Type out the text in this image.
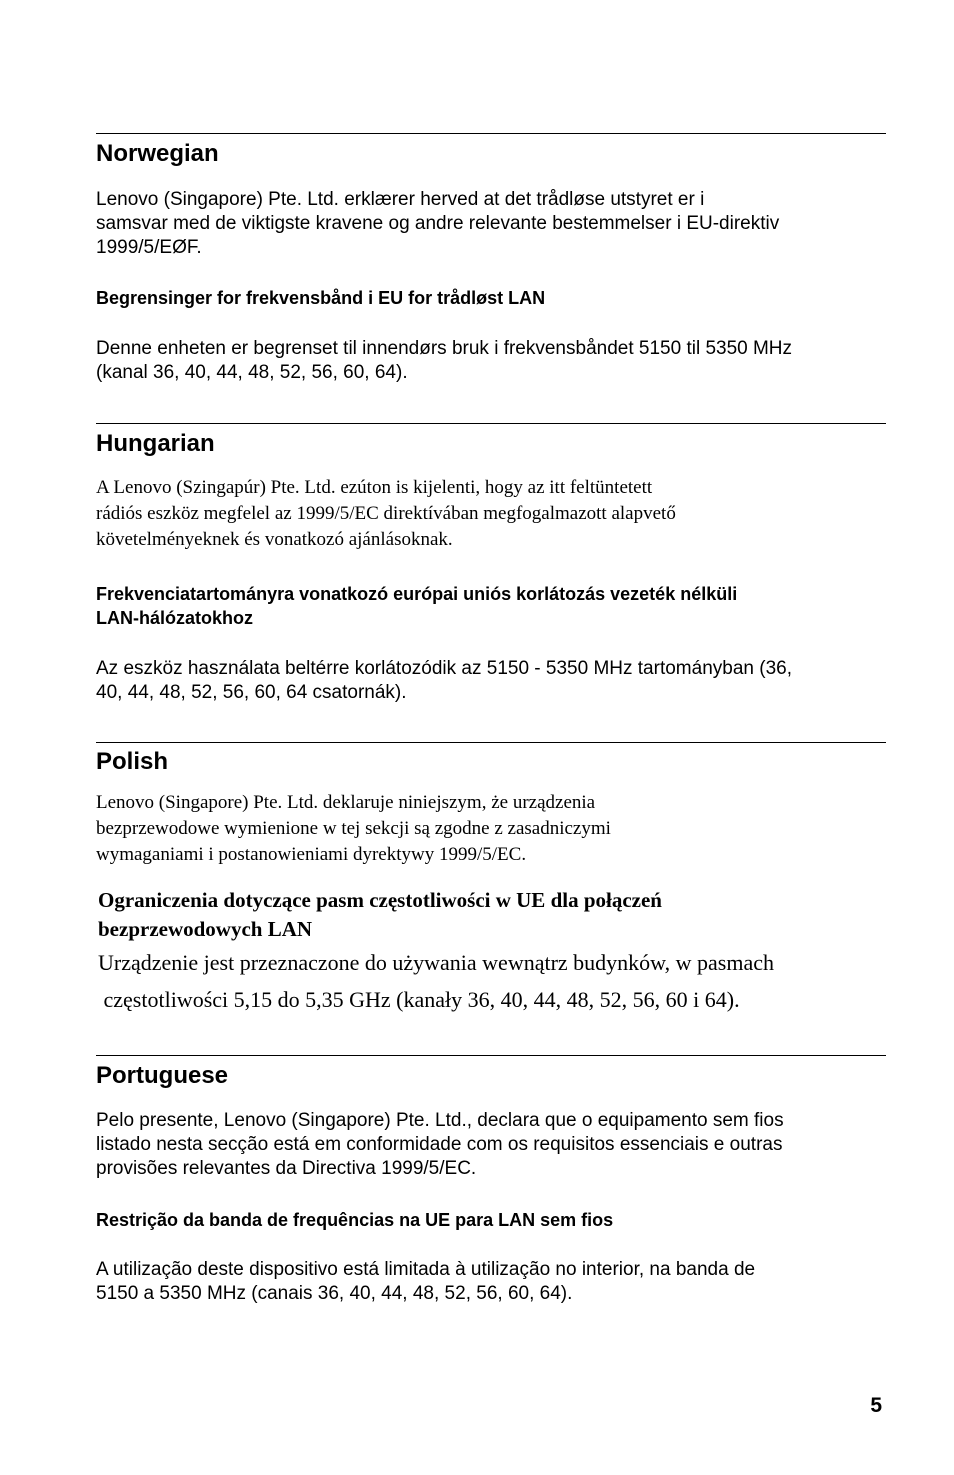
Norwegian

Lenovo (Singapore) Pte. Ltd. erklærer herved at det trådløse utstyret er i
samsvar med de viktigste kravene og andre relevante bestemmelser i EU-direktiv
1999/5/EØF.

Begrensinger for frekvensbånd i EU for trådløst LAN

Denne enheten er begrenset til innendørs bruk i frekvensbåndet 5150 til 5350 MHz
(kanal 36, 40, 44, 48, 52, 56, 60, 64).

Hungarian

A Lenovo (Szingapúr) Pte. Ltd. ezúton is kijelenti, hogy az itt feltüntetett
rádiós eszköz megfelel az 1999/5/EC direktívában megfogalmazott alapvető
követelményeknek és vonatkozó ajánlásoknak.

Frekvenciatartományra vonatkozó európai uniós korlátozás vezeték nélküli
LAN-hálózatokhoz

Az eszköz használata beltérre korlátozódik az 5150 - 5350 MHz tartományban (36,
40, 44, 48, 52, 56, 60, 64 csatornák).

Polish

Lenovo (Singapore) Pte. Ltd. deklaruje niniejszym, że urządzenia
bezprzewodowe wymienione w tej sekcji są zgodne z zasadniczymi
wymaganiami i postanowieniami dyrektywy 1999/5/EC.

Ograniczenia dotyczące pasm częstotliwości w UE dla połączeń
bezprzewodowych LAN

Urządzenie jest przeznaczone do używania wewnątrz budynków, w pasmach
częstotliwości 5,15 do 5,35 GHz (kanały 36, 40, 44, 48, 52, 56, 60 i 64).

Portuguese

Pelo presente, Lenovo (Singapore) Pte. Ltd., declara que o equipamento sem fios
listado nesta secção está em conformidade com os requisitos essenciais e outras
provisões relevantes da Directiva 1999/5/EC.

Restrição da banda de frequências na UE para LAN sem fios

A utilização deste dispositivo está limitada à utilização no interior, na banda de
5150 a 5350 MHz (canais 36, 40, 44, 48, 52, 56, 60, 64).

5
